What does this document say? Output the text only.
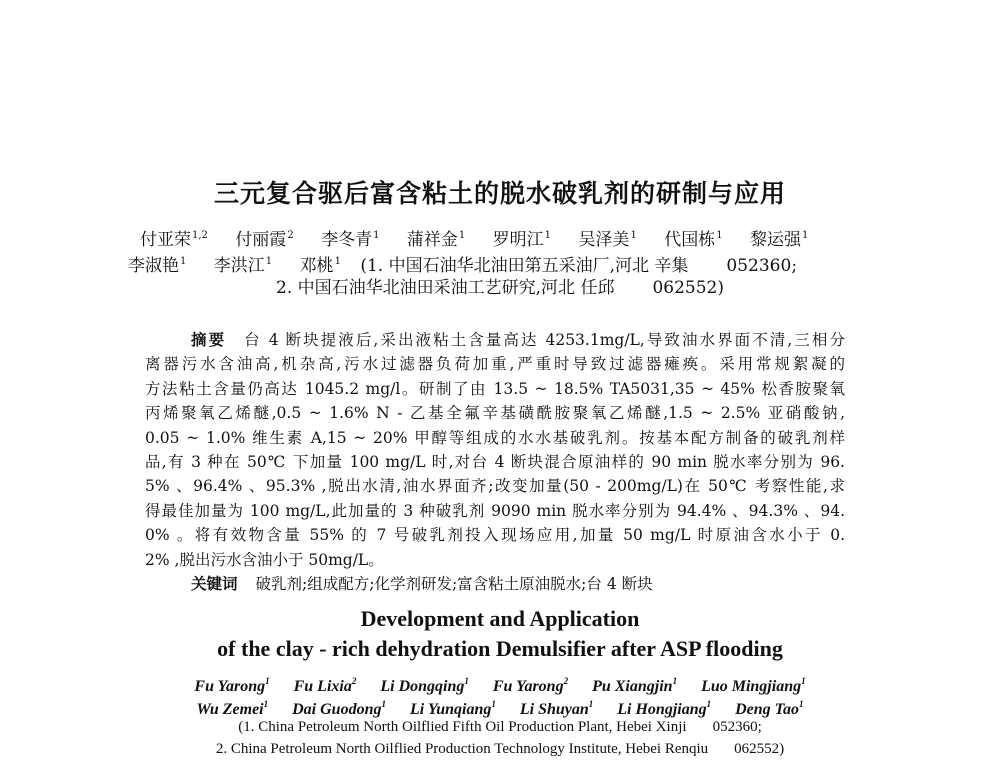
三元复合驱后富含粘土的脱水破乳剂的研制与应用
付亚荣$^{1,2}$ 付丽霞$^2$ 李冬青$^1$ 蒲祥金$^1$ 罗明江$^1$ 吴泽美$^1$ 代国栋$^1$ 黎运强$^1$
李淑艳$^1$ 李洪江$^1$ 邓桃$^1$ (1. 中国石油华北油田第五采油厂,河北 辛集 052360;
2. 中国石油华北油田采油工艺研究,河北 任邱 062552)
摘要 台 4 断块提液后,采出液粘土含量高达 4253.1mg/L,导致油水界面不清,三相分
离器污水含油高,机杂高,污水过滤器负荷加重,严重时导致过滤器瘫痪。采用常规絮凝的
方法粘土含量仍高达 1045.2 mg/l。研制了由 13.5 ~ 18.5% TA5031,35 ~ 45% 松香胺聚氧
丙烯聚氧乙烯醚,0.5 ~ 1.6% N - 乙基全氟辛基磺酰胺聚氧乙烯醚,1.5 ~ 2.5% 亚硝酸钠,
0.05 ~ 1.0% 维生素 A,15 ~ 20% 甲醇等组成的水水基破乳剂。按基本配方制备的破乳剂样
品,有 3 种在 50℃ 下加量 100 mg/L 时,对台 4 断块混合原油样的 90 min 脱水率分别为 96.
5% 、96.4% 、95.3% ,脱出水清,油水界面齐;改变加量(50 - 200mg/L)在 50℃ 考察性能,求
得最佳加量为 100 mg/L,此加量的 3 种破乳剂 9090 min 脱水率分别为 94.4% 、94.3% 、94.
0% 。将有效物含量 55% 的 7 号破乳剂投入现场应用,加量 50 mg/L 时原油含水小于 0.
2% ,脱出污水含油小于 50mg/L。
关键词 破乳剂;组成配方;化学剂研发;富含粘土原油脱水;台 4 断块
Development and Application
of the clay - rich dehydration Demulsifier after ASP flooding
Fu Yarong$^1$ Fu Lixia$^2$ Li Dongqing$^1$ Fu Yarong$^2$ Pu Xiangjin$^1$ Luo Mingjiang$^1$
Wu Zemei$^1$ Dai Guodong$^1$ Li Yunqiang$^1$ Li Shuyan$^1$ Li Hongjiang$^1$ Deng Tao$^1$
(1. China Petroleum North Oilflied Fifth Oil Production Plant, Hebei Xinji 052360;
2. China Petroleum North Oilflied Production Technology Institute, Hebei Renqiu 062552)
